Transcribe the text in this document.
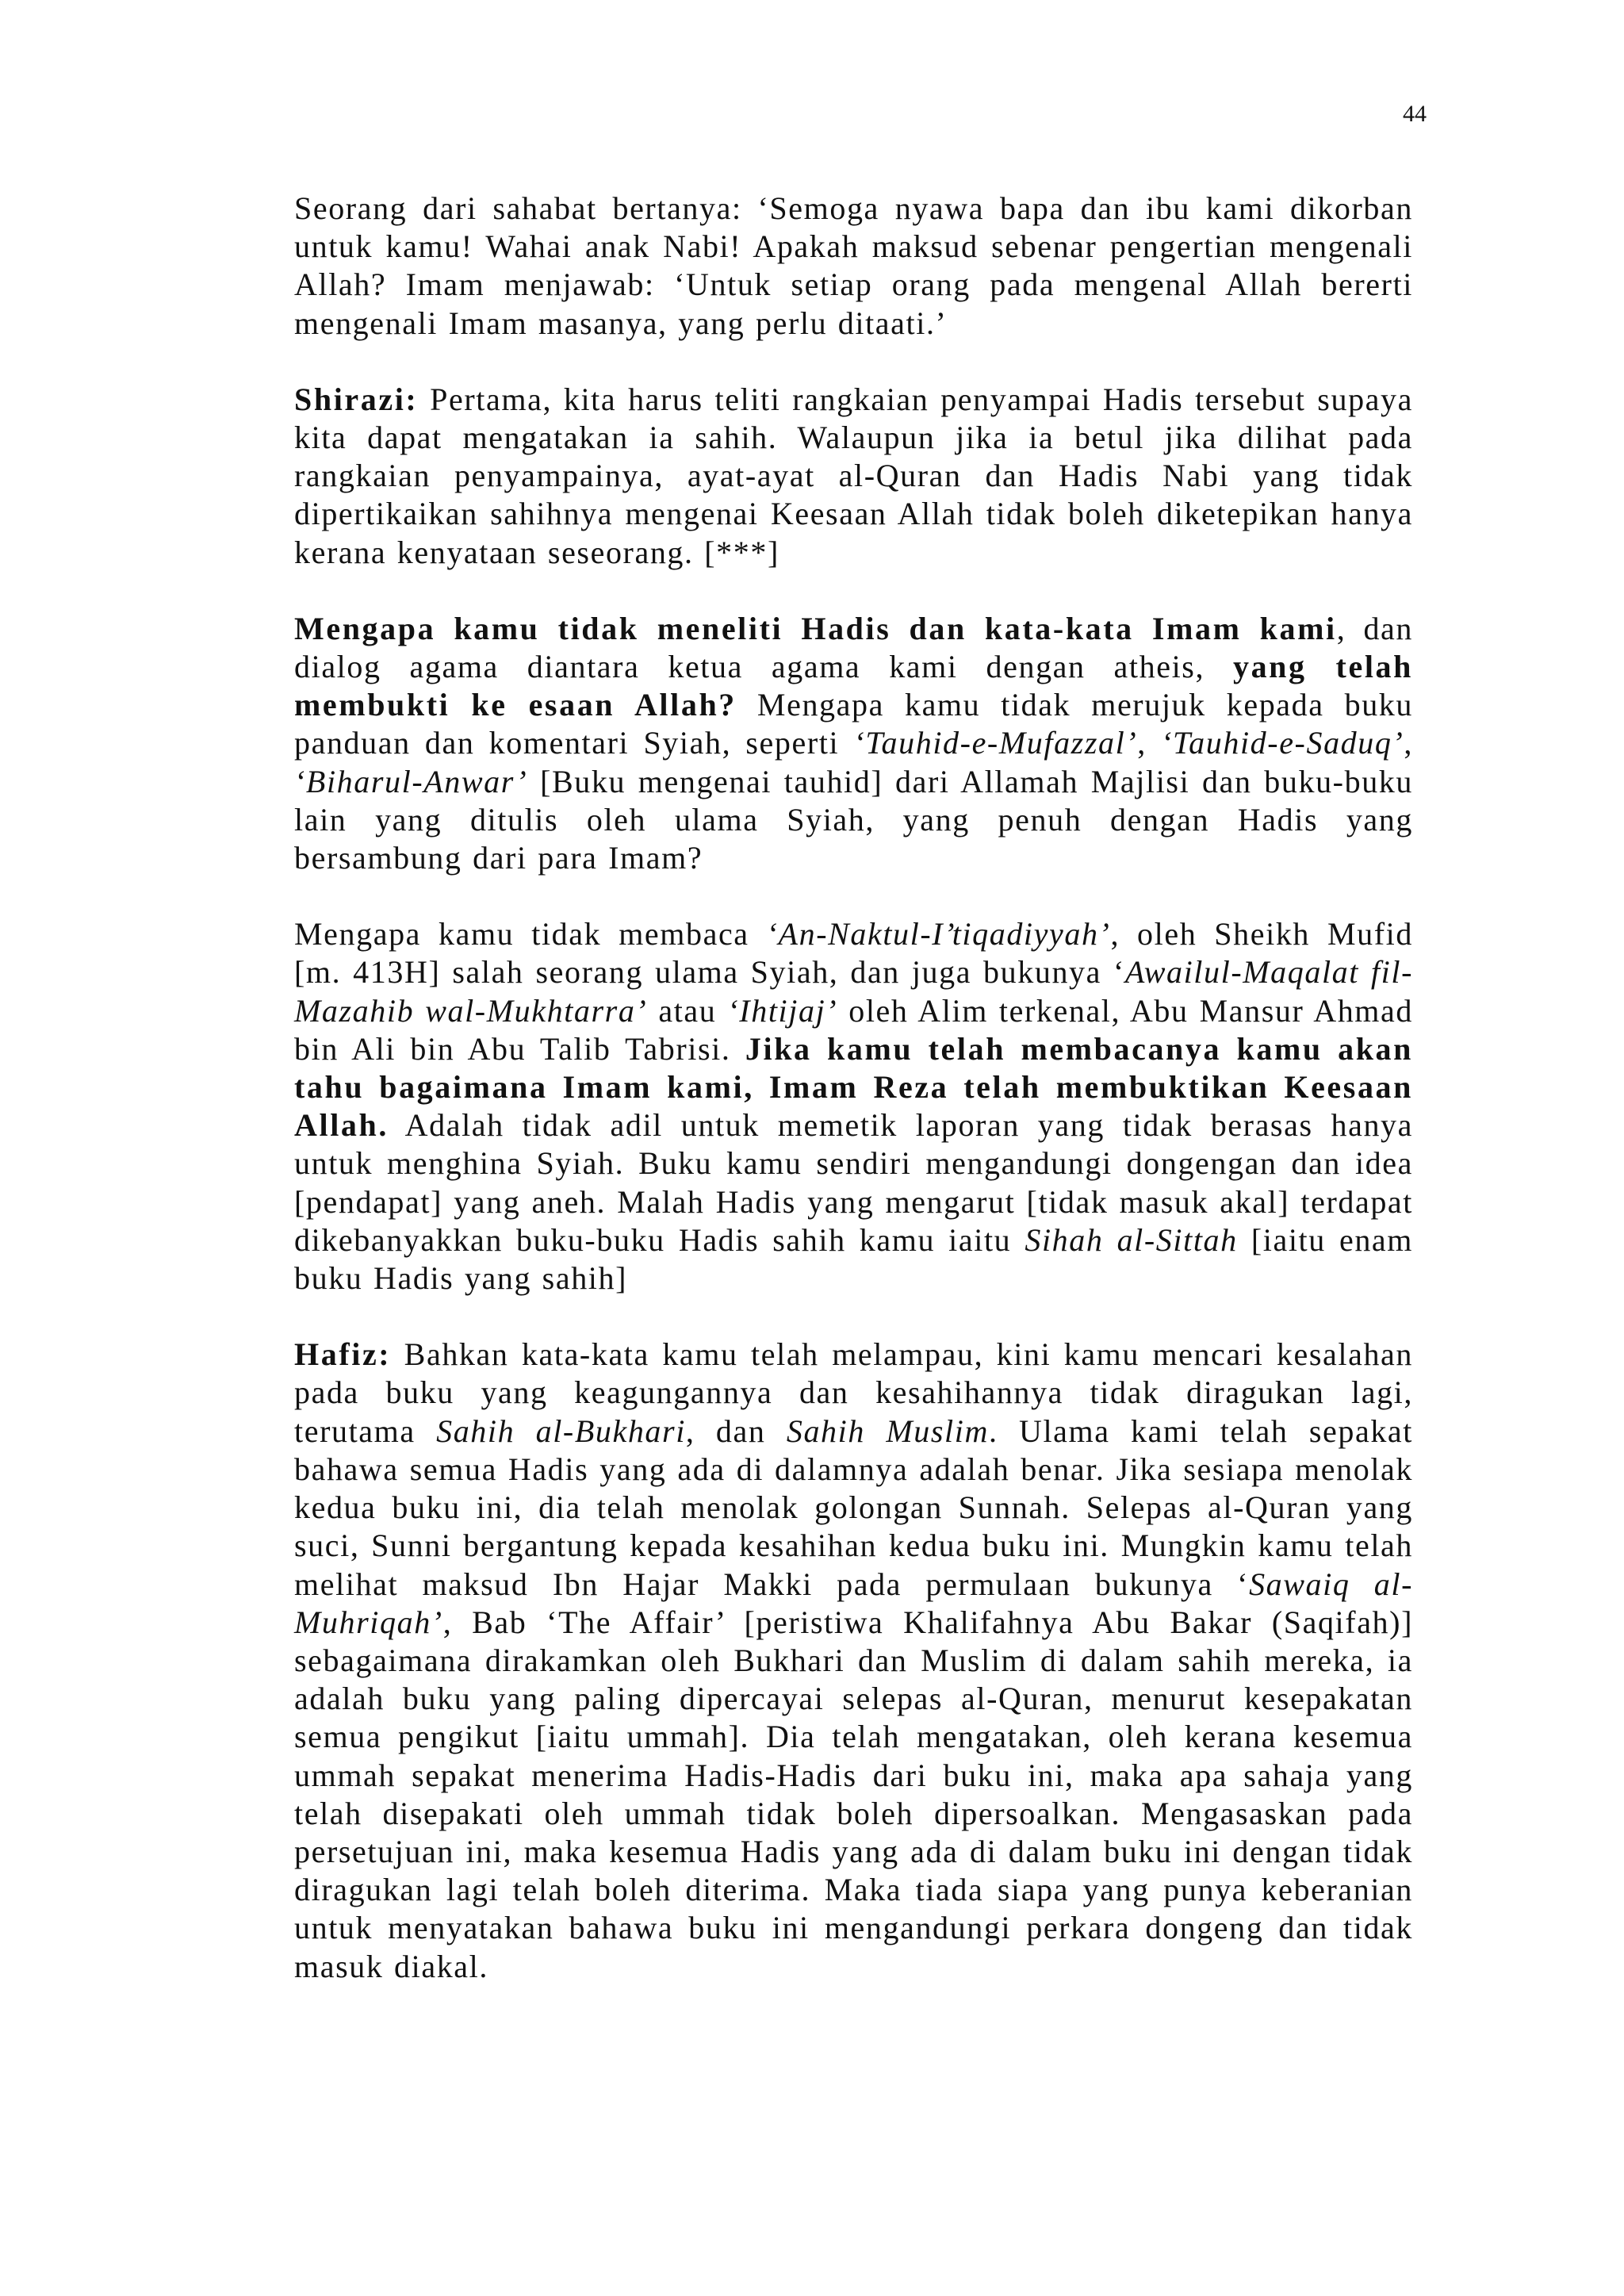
44

Seorang dari sahabat bertanya: ‘Semoga nyawa bapa dan ibu kami dikorban untuk kamu! Wahai anak Nabi! Apakah maksud sebenar pengertian mengenali Allah? Imam menjawab: ‘Untuk setiap orang pada mengenal Allah bererti mengenali Imam masanya, yang perlu ditaati.’

Shirazi: Pertama, kita harus teliti rangkaian penyampai Hadis tersebut supaya kita dapat mengatakan ia sahih. Walaupun jika ia betul jika dilihat pada rangkaian penyampainya, ayat-ayat al-Quran dan Hadis Nabi yang tidak dipertikaikan sahihnya mengenai Keesaan Allah tidak boleh diketepikan hanya kerana kenyataan seseorang. [***]

Mengapa kamu tidak meneliti Hadis dan kata-kata Imam kami, dan dialog agama diantara ketua agama kami dengan atheis, yang telah membukti ke esaan Allah? Mengapa kamu tidak merujuk kepada buku panduan dan komentari Syiah, seperti ‘Tauhid-e-Mufazzal’, ‘Tauhid-e-Saduq’, ‘Biharul-Anwar’ [Buku mengenai tauhid] dari Allamah Majlisi dan buku-buku lain yang ditulis oleh ulama Syiah, yang penuh dengan Hadis yang bersambung dari para Imam?

Mengapa kamu tidak membaca ‘An-Naktul-I’tiqadiyyah’, oleh Sheikh Mufid [m. 413H] salah seorang ulama Syiah, dan juga bukunya ‘Awailul-Maqalat fil-Mazahib wal-Mukhtarra’ atau ‘Ihtijaj’ oleh Alim terkenal, Abu Mansur Ahmad bin Ali bin Abu Talib Tabrisi. Jika kamu telah membacanya kamu akan tahu bagaimana Imam kami, Imam Reza telah membuktikan Keesaan Allah. Adalah tidak adil untuk memetik laporan yang tidak berasas hanya untuk menghina Syiah. Buku kamu sendiri mengandungi dongengan dan idea [pendapat] yang aneh. Malah Hadis yang mengarut [tidak masuk akal] terdapat dikebanyakkan buku-buku Hadis sahih kamu iaitu Sihah al-Sittah [iaitu enam buku Hadis yang sahih]

Hafiz: Bahkan kata-kata kamu telah melampau, kini kamu mencari kesalahan pada buku yang keagungannya dan kesahihannya tidak diragukan lagi, terutama Sahih al-Bukhari, dan Sahih Muslim. Ulama kami telah sepakat bahawa semua Hadis yang ada di dalamnya adalah benar. Jika sesiapa menolak kedua buku ini, dia telah menolak golongan Sunnah. Selepas al-Quran yang suci, Sunni bergantung kepada kesahihan kedua buku ini. Mungkin kamu telah melihat maksud Ibn Hajar Makki pada permulaan bukunya ‘Sawaiq al-Muhriqah’, Bab ‘The Affair’ [peristiwa Khalifahnya Abu Bakar (Saqifah)] sebagaimana dirakamkan oleh Bukhari dan Muslim di dalam sahih mereka, ia adalah buku yang paling dipercayai selepas al-Quran, menurut kesepakatan semua pengikut [iaitu ummah]. Dia telah mengatakan, oleh kerana kesemua ummah sepakat menerima Hadis-Hadis dari buku ini, maka apa sahaja yang telah disepakati oleh ummah tidak boleh dipersoalkan. Mengasaskan pada persetujuan ini, maka kesemua Hadis yang ada di dalam buku ini dengan tidak diragukan lagi telah boleh diterima. Maka tiada siapa yang punya keberanian untuk menyatakan bahawa buku ini mengandungi perkara dongeng dan tidak masuk diakal.
